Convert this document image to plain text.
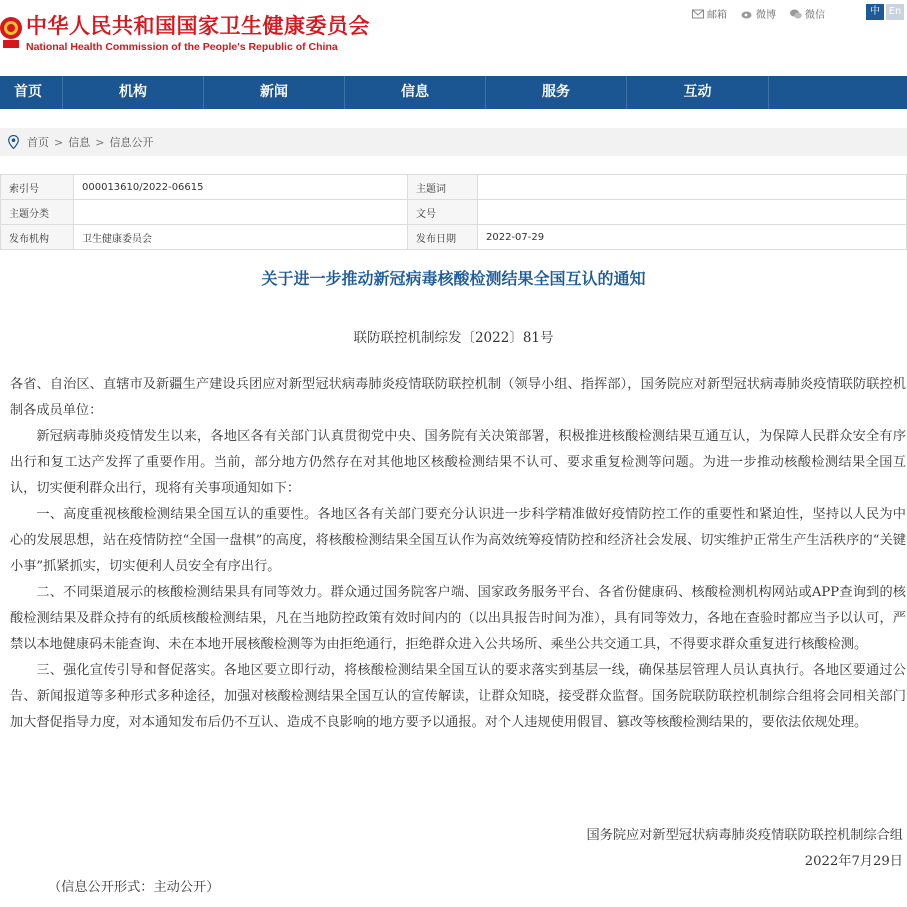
中华人民共和国国家卫生健康委员会
National Health Commission of the People's Republic of China
邮箱	微博	微信	中 En
首页	机构	新闻	信息	服务	互动
首页 > 信息 > 信息公开
索引号	000013610/2022-06615	主题词	
主题分类		文号	
发布机构	卫生健康委员会	发布日期	2022-07-29
关于进一步推动新冠病毒核酸检测结果全国互认的通知
联防联控机制综发〔2022〕81号

各省、自治区、直辖市及新疆生产建设兵团应对新型冠状病毒肺炎疫情联防联控机制（领导小组、指挥部），国务院应对新型冠状病毒肺炎疫情联防联控机制各成员单位：

新冠病毒肺炎疫情发生以来，各地区各有关部门认真贯彻党中央、国务院有关决策部署，积极推进核酸检测结果互通互认，为保障人民群众安全有序出行和复工达产发挥了重要作用。当前，部分地方仍然存在对其他地区核酸检测结果不认可、要求重复检测等问题。为进一步推动核酸检测结果全国互认，切实便利群众出行，现将有关事项通知如下：

一、高度重视核酸检测结果全国互认的重要性。各地区各有关部门要充分认识进一步科学精准做好疫情防控工作的重要性和紧迫性，坚持以人民为中心的发展思想，站在疫情防控“全国一盘棋”的高度，将核酸检测结果全国互认作为高效统筹疫情防控和经济社会发展、切实维护正常生产生活秩序的“关键小事”抓紧抓实，切实便利人员安全有序出行。

二、不同渠道展示的核酸检测结果具有同等效力。群众通过国务院客户端、国家政务服务平台、各省份健康码、核酸检测机构网站或APP查询到的核酸检测结果及群众持有的纸质核酸检测结果，凡在当地防控政策有效时间内的（以出具报告时间为准），具有同等效力，各地在查验时都应当予以认可，严禁以本地健康码未能查询、未在本地开展核酸检测等为由拒绝通行，拒绝群众进入公共场所、乘坐公共交通工具，不得要求群众重复进行核酸检测。

三、强化宣传引导和督促落实。各地区要立即行动，将核酸检测结果全国互认的要求落实到基层一线，确保基层管理人员认真执行。各地区要通过公告、新闻报道等多种形式多种途径，加强对核酸检测结果全国互认的宣传解读，让群众知晓，接受群众监督。国务院联防联控机制综合组将会同相关部门加大督促指导力度，对本通知发布后仍不互认、造成不良影响的地方要予以通报。对个人违规使用假冒、篡改等核酸检测结果的，要依法依规处理。

国务院应对新型冠状病毒肺炎疫情联防联控机制综合组
2022年7月29日
（信息公开形式：主动公开）
